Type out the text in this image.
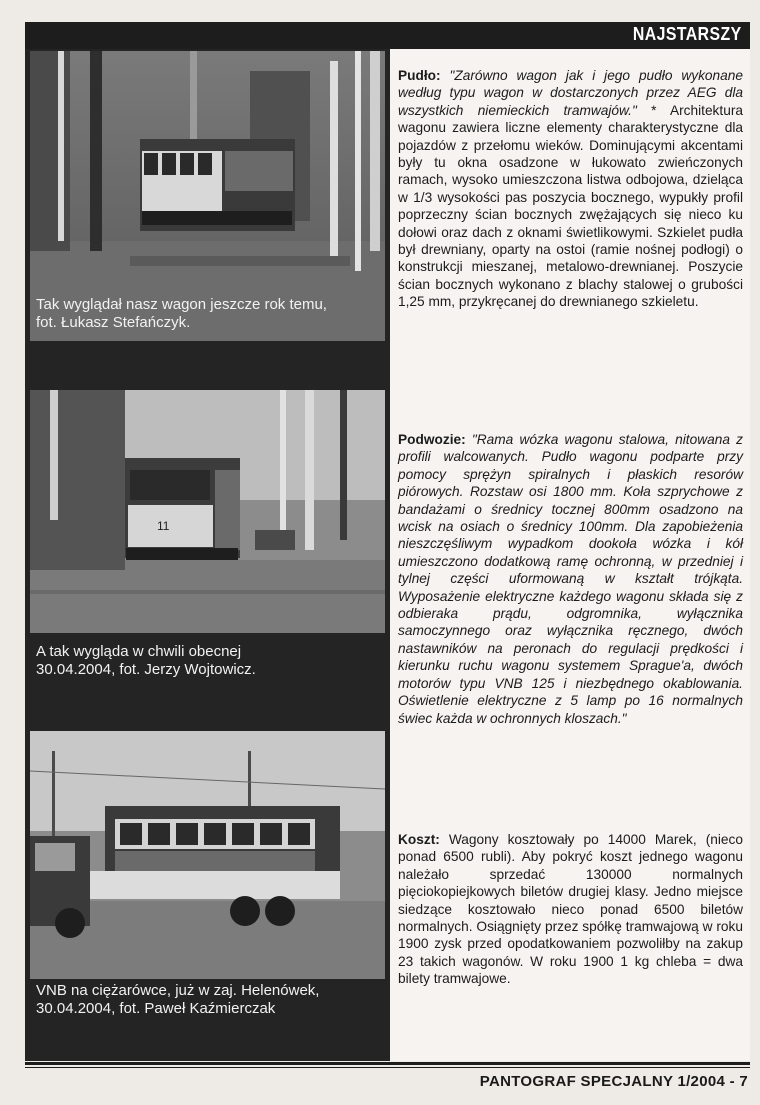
NAJSTARSZY
Tak wyglądał nasz wagon jeszcze rok temu,
fot. Łukasz Stefańczyk.
11
A tak wygląda w chwili obecnej
30.04.2004, fot. Jerzy Wojtowicz.
VNB na ciężarówce, już w zaj. Helenówek,
30.04.2004, fot. Paweł Kaźmierczak

Pudło: "Zarówno wagon jak i jego pudło wykonane według typu wagon w dostarczonych przez AEG dla wszystkich niemieckich tramwajów." * Architektura wagonu zawiera liczne elementy charakterystyczne dla pojazdów z przełomu wieków. Dominującymi akcentami były tu okna osadzone w łukowato zwieńczonych ramach, wysoko umieszczona listwa odbojowa, dzieląca w 1/3 wysokości pas poszycia bocznego, wypukły profil poprzeczny ścian bocznych zwężających się nieco ku dołowi oraz dach z oknami świetlikowymi. Szkielet pudła był drewniany, oparty na ostoi (ramie nośnej podłogi) o konstrukcji mieszanej, metalowo-drewnianej. Poszycie ścian bocznych wykonano z blachy stalowej o grubości 1,25 mm, przykręcanej do drewnianego szkieletu.

Podwozie: "Rama wózka wagonu stalowa, nitowana z profili walcowanych. Pudło wagonu podparte przy pomocy sprężyn spiralnych i płaskich resorów piórowych. Rozstaw osi 1800 mm. Koła szprychowe z bandażami o średnicy tocznej 800mm osadzono na wcisk na osiach o średnicy 100mm. Dla zapobieżenia nieszczęśliwym wypadkom dookoła wózka i kół umieszczono dodatkową ramę ochronną, w przedniej i tylnej części uformowaną w kształt trójkąta. Wyposażenie elektryczne każdego wagonu składa się z odbieraka prądu, odgromnika, wyłącznika samoczynnego oraz wyłącznika ręcznego, dwóch nastawników na peronach do regulacji prędkości i kierunku ruchu wagonu systemem Sprague'a, dwóch motorów typu VNB 125 i niezbędnego okablowania. Oświetlenie elektryczne z 5 lamp po 16 normalnych świec każda w ochronnych kloszach."

Koszt: Wagony kosztowały po 14000 Marek, (nieco ponad 6500 rubli). Aby pokryć koszt jednego wagonu należało sprzedać 130000 normalnych pięciokopiejkowych biletów drugiej klasy. Jedno miejsce siedzące kosztowało nieco ponad 6500 biletów normalnych. Osiągnięty przez spółkę tramwajową w roku 1900 zysk przed opodatkowaniem pozwoliłby na zakup 23 takich wagonów. W roku 1900 1 kg chleba = dwa bilety tramwajowe.

PANTOGRAF SPECJALNY 1/2004 - 7
